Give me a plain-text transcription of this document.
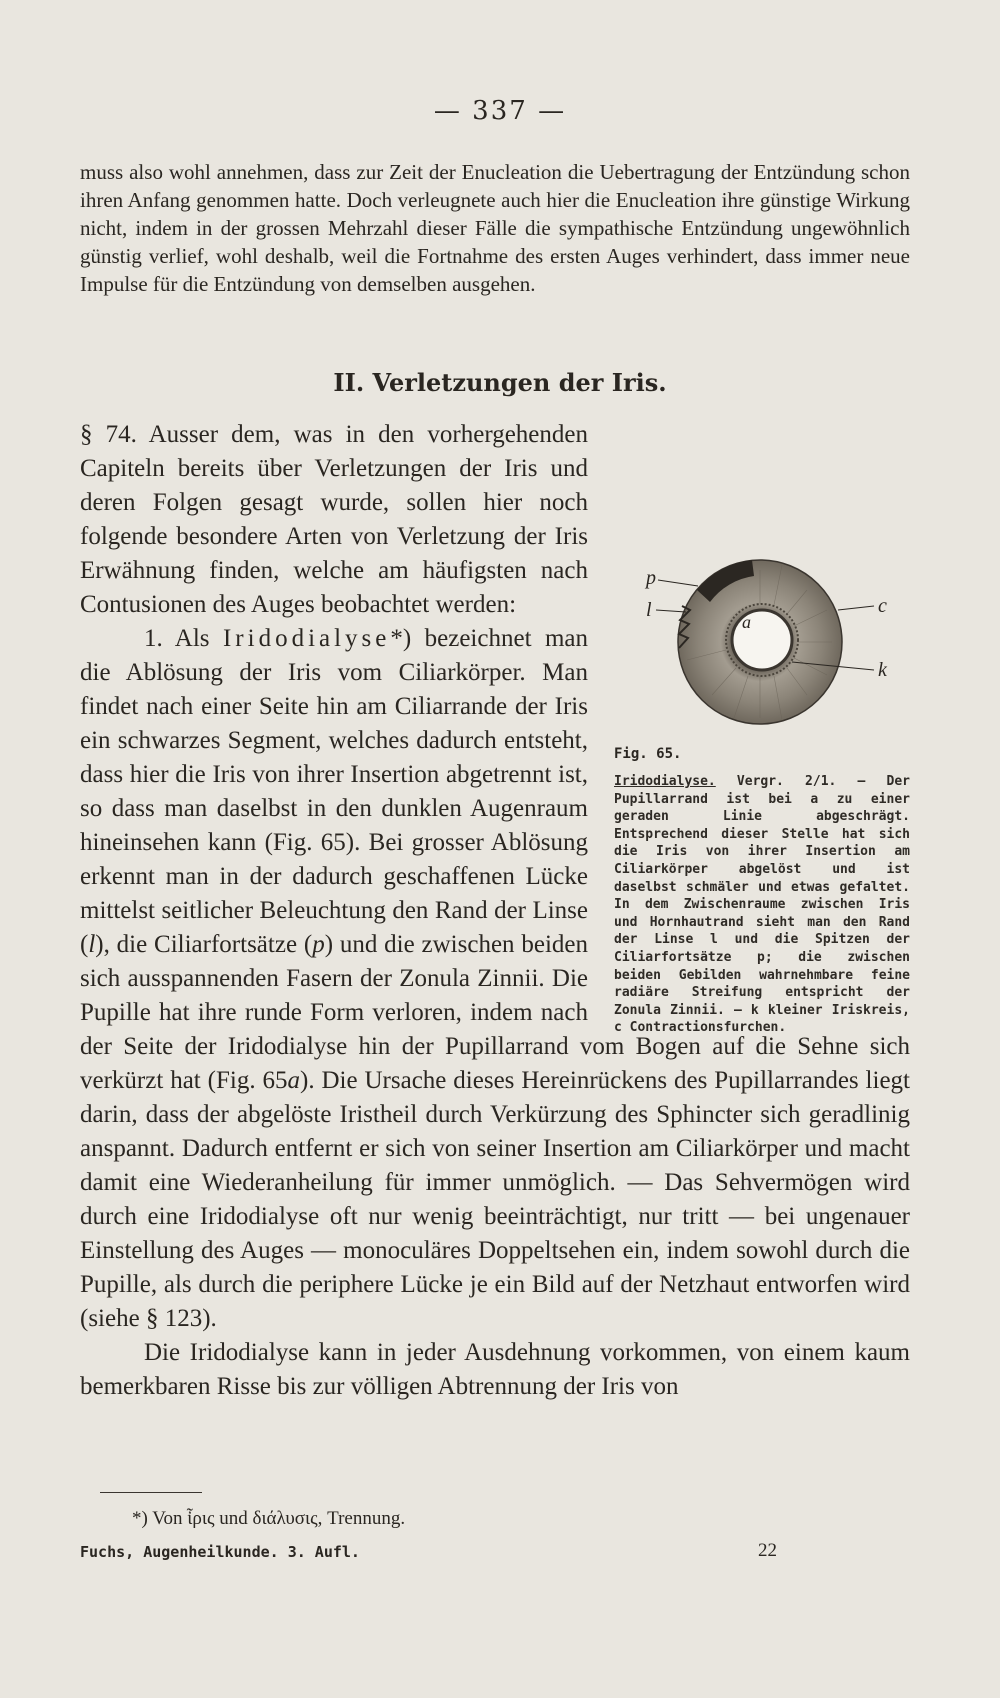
— 337 —
muss also wohl annehmen, dass zur Zeit der Enucleation die Uebertragung der Entzündung schon ihren Anfang genommen hatte. Doch verleugnete auch hier die Enucleation ihre günstige Wirkung nicht, indem in der grossen Mehrzahl dieser Fälle die sympathische Entzündung ungewöhnlich günstig verlief, wohl deshalb, weil die Fortnahme des ersten Auges verhindert, dass immer neue Impulse für die Entzündung von demselben ausgehen.
II. Verletzungen der Iris.
p
l
a
c
k
Fig. 65.
Iridodialyse. Vergr. 2/1. — Der Pupillarrand ist bei a zu einer geraden Linie abgeschrägt. Entsprechend dieser Stelle hat sich die Iris von ihrer Insertion am Ciliarkörper abgelöst und ist daselbst schmäler und etwas gefaltet. In dem Zwischenraume zwischen Iris und Hornhautrand sieht man den Rand der Linse l und die Spitzen der Ciliarfortsätze p; die zwischen beiden Gebilden wahrnehmbare feine radiäre Streifung entspricht der Zonula Zinnii. — k kleiner Iriskreis, c Contractionsfurchen.
§ 74. Ausser dem, was in den vorhergehenden Capiteln bereits über Verletzungen der Iris und deren Folgen gesagt wurde, sollen hier noch folgende besondere Arten von Verletzung der Iris Erwähnung finden, welche am häufigsten nach Contusionen des Auges beobachtet werden:
1. Als Iridodialyse*) bezeichnet man die Ablösung der Iris vom Ciliarkörper. Man findet nach einer Seite hin am Ciliarrande der Iris ein schwarzes Segment, welches dadurch entsteht, dass hier die Iris von ihrer Insertion abgetrennt ist, so dass man daselbst in den dunklen Augenraum hineinsehen kann (Fig. 65). Bei grosser Ablösung erkennt man in der dadurch geschaffenen Lücke mittelst seitlicher Beleuchtung den Rand der Linse (l), die Ciliarfortsätze (p) und die zwischen beiden sich ausspannenden Fasern der Zonula Zinnii. Die Pupille hat ihre runde Form verloren, indem nach der Seite der Iridodialyse hin der Pupillarrand vom Bogen auf die Sehne sich verkürzt hat (Fig. 65a). Die Ursache dieses Hereinrückens des Pupillarrandes liegt darin, dass der abgelöste Iristheil durch Verkürzung des Sphincter sich geradlinig anspannt. Dadurch entfernt er sich von seiner Insertion am Ciliarkörper und macht damit eine Wiederanheilung für immer unmöglich. — Das Sehvermögen wird durch eine Iridodialyse oft nur wenig beeinträchtigt, nur tritt — bei ungenauer Einstellung des Auges — monoculäres Doppeltsehen ein, indem sowohl durch die Pupille, als durch die periphere Lücke je ein Bild auf der Netzhaut entworfen wird (siehe § 123).
Die Iridodialyse kann in jeder Ausdehnung vorkommen, von einem kaum bemerkbaren Risse bis zur völligen Abtrennung der Iris von
*) Von ἶρις und διάλυσις, Trennung.
Fuchs, Augenheilkunde. 3. Aufl.	22
